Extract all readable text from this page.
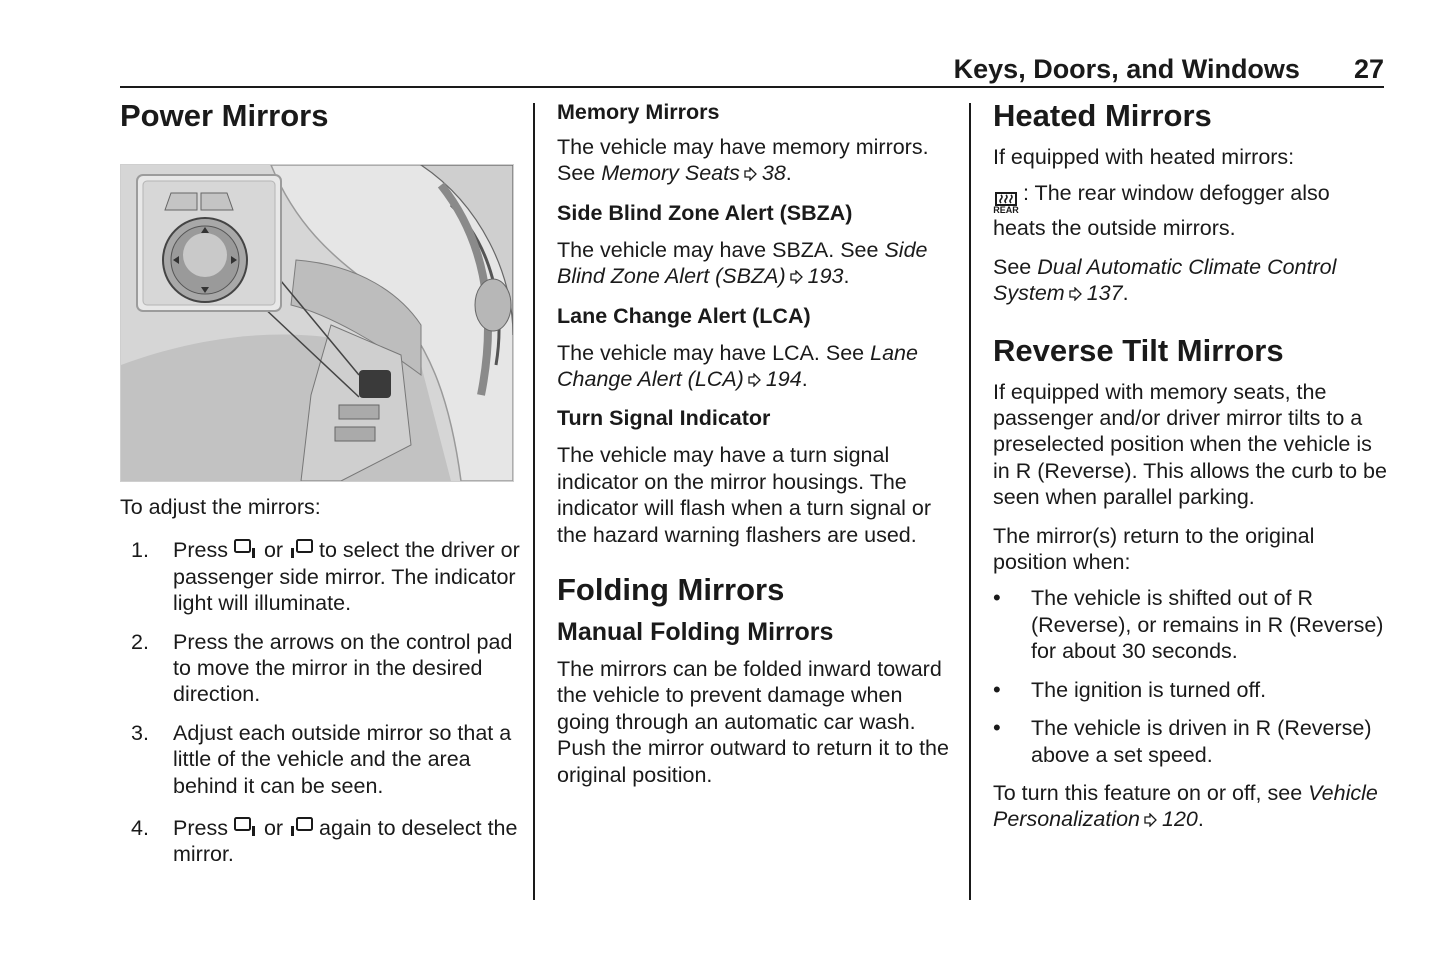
Keys, Doors, and Windows 27
Power Mirrors

To adjust the mirrors:

1.	Press or to select the driver or passenger side mirror. The indicator light will illuminate.
2.	Press the arrows on the control pad to move the mirror in the desired direction.
3.	Adjust each outside mirror so that a little of the vehicle and the area behind it can be seen.
4.	Press or again to deselect the mirror.
Memory Mirrors

The vehicle may have memory mirrors. See Memory Seats 38.

Side Blind Zone Alert (SBZA)

The vehicle may have SBZA. See Side Blind Zone Alert (SBZA) 193.

Lane Change Alert (LCA)

The vehicle may have LCA. See Lane Change Alert (LCA) 194.

Turn Signal Indicator

The vehicle may have a turn signal indicator on the mirror housings. The indicator will flash when a turn signal or the hazard warning flashers are used.

Folding Mirrors
Manual Folding Mirrors

The mirrors can be folded inward toward the vehicle to prevent damage when going through an automatic car wash. Push the mirror outward to return it to the original position.

Heated Mirrors

If equipped with heated mirrors:

REAR
: The rear window defogger also heats the outside mirrors.

See Dual Automatic Climate Control System 137.

Reverse Tilt Mirrors

If equipped with memory seats, the passenger and/or driver mirror tilts to a preselected position when the vehicle is in R (Reverse). This allows the curb to be seen when parallel parking.

The mirror(s) return to the original position when:

•	The vehicle is shifted out of R (Reverse), or remains in R (Reverse) for about 30 seconds.
•	The ignition is turned off.
•	The vehicle is driven in R (Reverse) above a set speed.

To turn this feature on or off, see Vehicle Personalization 120.
